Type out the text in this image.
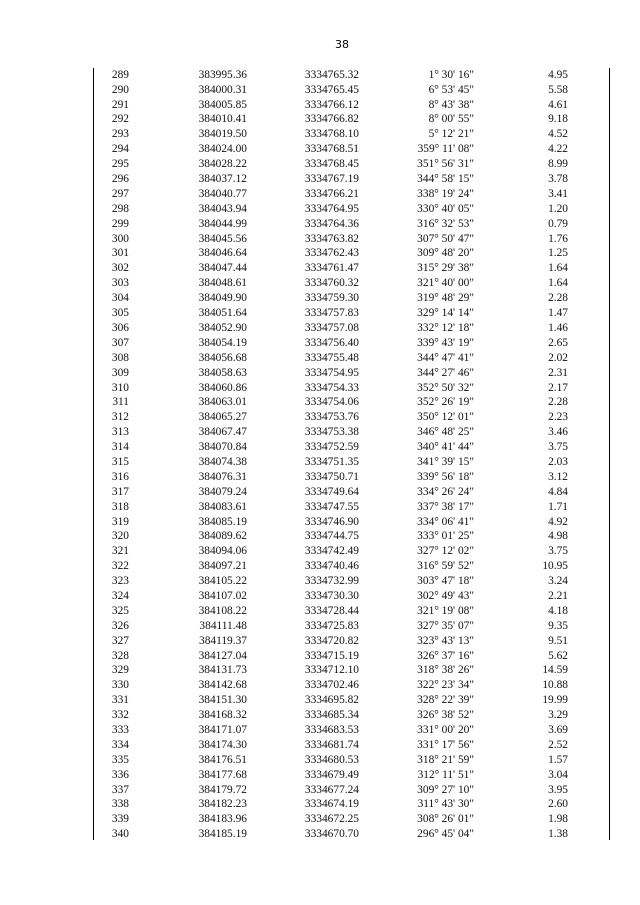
38
289	383995.36	3334765.32	1° 30' 16"	4.95
290	384000.31	3334765.45	6° 53' 45"	5.58
291	384005.85	3334766.12	8° 43' 38"	4.61
292	384010.41	3334766.82	8° 00' 55"	9.18
293	384019.50	3334768.10	5° 12' 21"	4.52
294	384024.00	3334768.51	359° 11' 08"	4.22
295	384028.22	3334768.45	351° 56' 31"	8.99
296	384037.12	3334767.19	344° 58' 15"	3.78
297	384040.77	3334766.21	338° 19' 24"	3.41
298	384043.94	3334764.95	330° 40' 05"	1.20
299	384044.99	3334764.36	316° 32' 53"	0.79
300	384045.56	3334763.82	307° 50' 47"	1.76
301	384046.64	3334762.43	309° 48' 20"	1.25
302	384047.44	3334761.47	315° 29' 38"	1.64
303	384048.61	3334760.32	321° 40' 00"	1.64
304	384049.90	3334759.30	319° 48' 29"	2.28
305	384051.64	3334757.83	329° 14' 14"	1.47
306	384052.90	3334757.08	332° 12' 18"	1.46
307	384054.19	3334756.40	339° 43' 19"	2.65
308	384056.68	3334755.48	344° 47' 41"	2.02
309	384058.63	3334754.95	344° 27' 46"	2.31
310	384060.86	3334754.33	352° 50' 32"	2.17
311	384063.01	3334754.06	352° 26' 19"	2.28
312	384065.27	3334753.76	350° 12' 01"	2.23
313	384067.47	3334753.38	346° 48' 25"	3.46
314	384070.84	3334752.59	340° 41' 44"	3.75
315	384074.38	3334751.35	341° 39' 15"	2.03
316	384076.31	3334750.71	339° 56' 18"	3.12
317	384079.24	3334749.64	334° 26' 24"	4.84
318	384083.61	3334747.55	337° 38' 17"	1.71
319	384085.19	3334746.90	334° 06' 41"	4.92
320	384089.62	3334744.75	333° 01' 25"	4.98
321	384094.06	3334742.49	327° 12' 02"	3.75
322	384097.21	3334740.46	316° 59' 52"	10.95
323	384105.22	3334732.99	303° 47' 18"	3.24
324	384107.02	3334730.30	302° 49' 43"	2.21
325	384108.22	3334728.44	321° 19' 08"	4.18
326	384111.48	3334725.83	327° 35' 07"	9.35
327	384119.37	3334720.82	323° 43' 13"	9.51
328	384127.04	3334715.19	326° 37' 16"	5.62
329	384131.73	3334712.10	318° 38' 26"	14.59
330	384142.68	3334702.46	322° 23' 34"	10.88
331	384151.30	3334695.82	328° 22' 39"	19.99
332	384168.32	3334685.34	326° 38' 52"	3.29
333	384171.07	3334683.53	331° 00' 20"	3.69
334	384174.30	3334681.74	331° 17' 56"	2.52
335	384176.51	3334680.53	318° 21' 59"	1.57
336	384177.68	3334679.49	312° 11' 51"	3.04
337	384179.72	3334677.24	309° 27' 10"	3.95
338	384182.23	3334674.19	311° 43' 30"	2.60
339	384183.96	3334672.25	308° 26' 01"	1.98
340	384185.19	3334670.70	296° 45' 04"	1.38
